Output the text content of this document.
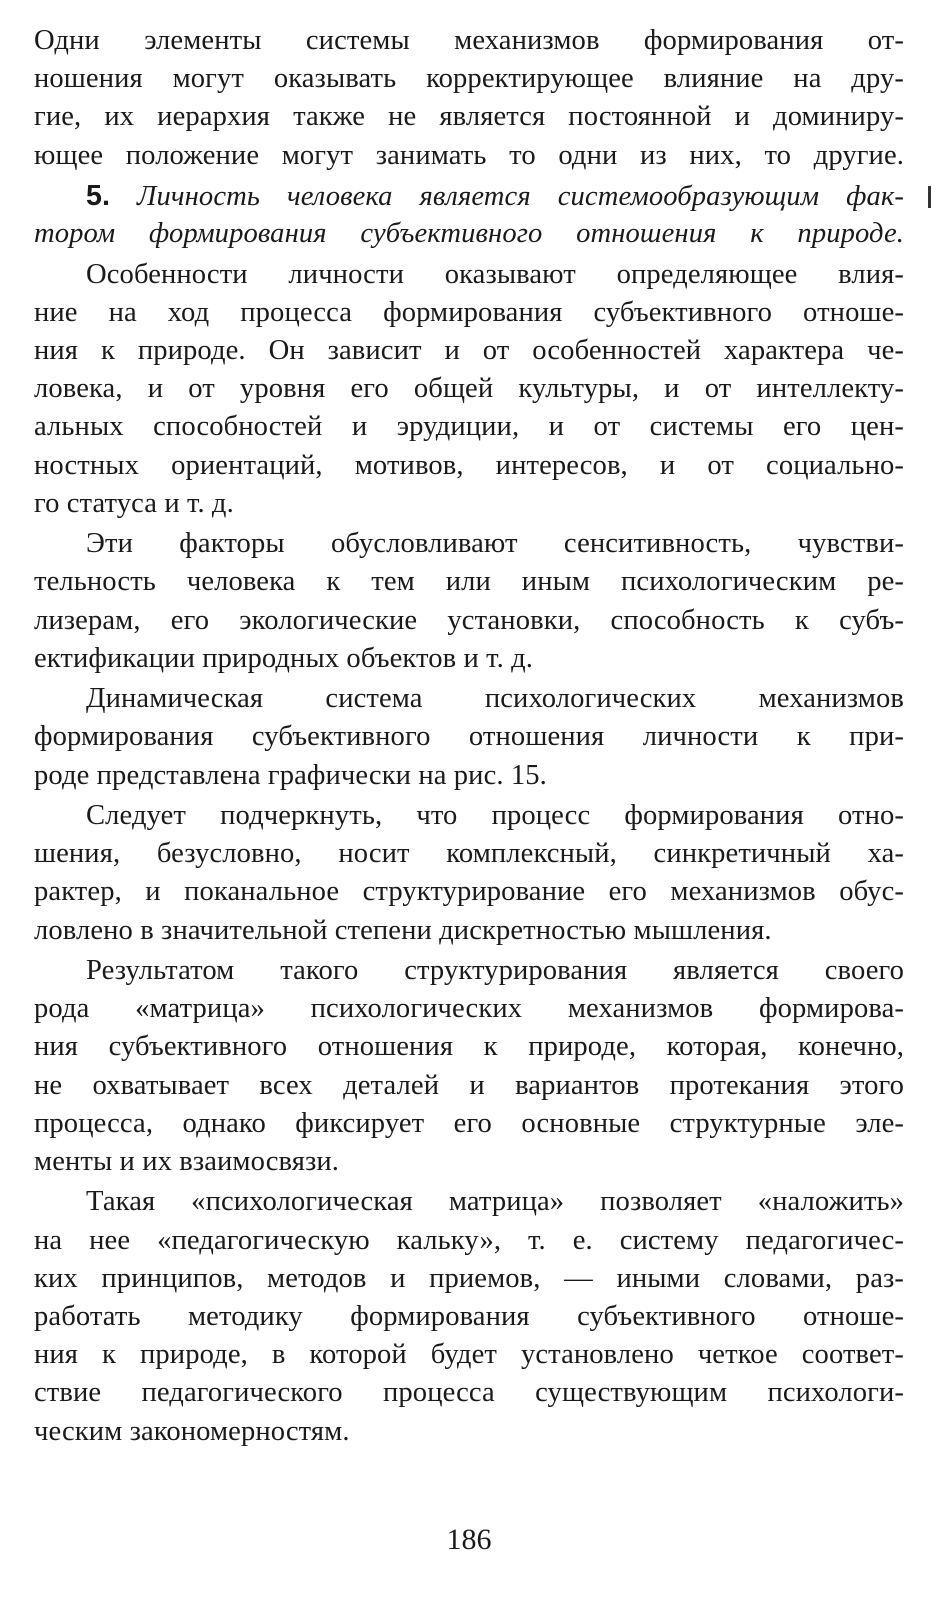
Одни элементы системы механизмов формирования от-
ношения могут оказывать корректирующее влияние на дру-
гие, их иерархия также не является постоянной и доминиру-
ющее положение могут занимать то одни из них, то другие.
5. Личность человека является системообразующим фак-
тором формирования субъективного отношения к природе.
Особенности личности оказывают определяющее влия-
ние на ход процесса формирования субъективного отноше-
ния к природе. Он зависит и от особенностей характера че-
ловека, и от уровня его общей культуры, и от интеллекту-
альных способностей и эрудиции, и от системы его цен-
ностных ориентаций, мотивов, интересов, и от социально-
го статуса и т. д.
Эти факторы обусловливают сенситивность, чувстви-
тельность человека к тем или иным психологическим ре-
лизерам, его экологические установки, способность к субъ-
ектификации природных объектов и т. д.
Динамическая система психологических механизмов
формирования субъективного отношения личности к при-
роде представлена графически на рис. 15.
Следует подчеркнуть, что процесс формирования отно-
шения, безусловно, носит комплексный, синкретичный ха-
рактер, и поканальное структурирование его механизмов обус-
ловлено в значительной степени дискретностью мышления.
Результатом такого структурирования является своего
рода «матрица» психологических механизмов формирова-
ния субъективного отношения к природе, которая, конечно,
не охватывает всех деталей и вариантов протекания этого
процесса, однако фиксирует его основные структурные эле-
менты и их взаимосвязи.
Такая «психологическая матрица» позволяет «наложить»
на нее «педагогическую кальку», т. е. систему педагогичес-
ких принципов, методов и приемов, — иными словами, раз-
работать методику формирования субъективного отноше-
ния к природе, в которой будет установлено четкое соответ-
ствие педагогического процесса существующим психологи-
ческим закономерностям.
186
